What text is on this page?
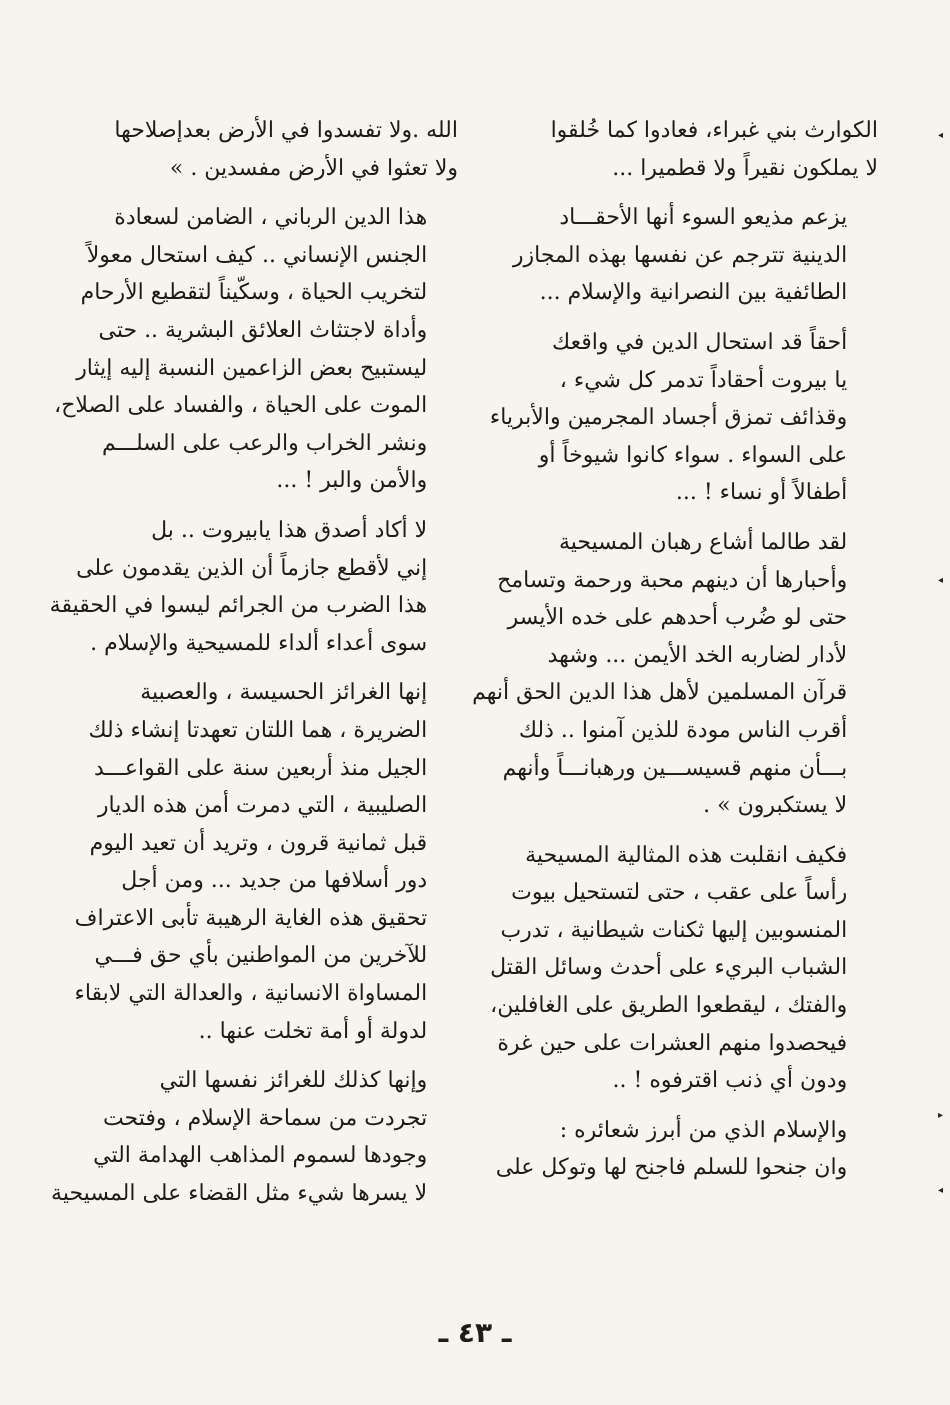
الكوارث بني غبراء، فعادوا كما خُلقوا
لا يملكون نقيراً ولا قطميرا ...

يزعم مذيعو السوء أنها الأحقـــاد
الدينية تترجم عن نفسها بهذه المجازر
الطائفية بين النصرانية والإسلام ...

أحقاً قد استحال الدين في واقعك
يا بيروت أحقاداً تدمر كل شيء ،
وقذائف تمزق أجساد المجرمين والأبرياء
على السواء . سواء كانوا شيوخاً أو
أطفالاً أو نساء ! ...

لقد طالما أشاع رهبان المسيحية
وأحبارها أن دينهم محبة ورحمة وتسامح
حتى لو ضُرب أحدهم على خده الأيسر
لأدار لضاربه الخد الأيمن ... وشهد
قرآن المسلمين لأهل هذا الدين الحق أنهم
أقرب الناس مودة للذين آمنوا .. ذلك
بـــأن منهم قسيســـين ورهبانـــاً وأنهم
لا يستكبرون » .

فكيف انقلبت هذه المثالية المسيحية
رأساً على عقب ، حتى لتستحيل بيوت
المنسوبين إليها ثكنات شيطانية ، تدرب
الشباب البريء على أحدث وسائل القتل
والفتك ، ليقطعوا الطريق على الغافلين،
فيحصدوا منهم العشرات على حين غرة
ودون أي ذنب اقترفوه ! ..

والإسلام الذي من أبرز شعائره :
وان جنحوا للسلم فاجنح لها وتوكل على

الله .ولا تفسدوا في الأرض بعدإصلاحها
ولا تعثوا في الأرض مفسدين . »

هذا الدين الرباني ، الضامن لسعادة
الجنس الإنساني .. كيف استحال معولاً
لتخريب الحياة ، وسكّيناً لتقطيع الأرحام
وأداة لاجتثاث العلائق البشرية .. حتى
ليستبيح بعض الزاعمين النسبة إليه إيثار
الموت على الحياة ، والفساد على الصلاح،
ونشر الخراب والرعب على السلـــم
والأمن والبر ! ...

لا أكاد أصدق هذا يابيروت .. بل
إني لأقطع جازماً أن الذين يقدمون على
هذا الضرب من الجرائم ليسوا في الحقيقة
سوى أعداء ألداء للمسيحية والإسلام .

إنها الغرائز الحسيسة ، والعصبية
الضريرة ، هما اللتان تعهدتا إنشاء ذلك
الجيل منذ أربعين سنة على القواعـــد
الصليبية ، التي دمرت أمن هذه الديار
قبل ثمانية قرون ، وتريد أن تعيد اليوم
دور أسلافها من جديد ... ومن أجل
تحقيق هذه الغاية الرهيبة تأبى الاعتراف
للآخرين من المواطنين بأي حق فـــي
المساواة الانسانية ، والعدالة التي لابقاء
لدولة أو أمة تخلت عنها ..

وإنها كذلك للغرائز نفسها التي
تجردت من سماحة الإسلام ، وفتحت
وجودها لسموم المذاهب الهدامة التي
لا يسرها شيء مثل القضاء على المسيحية

ـ ٤٣ ـ
◂
◂
▸
◂
